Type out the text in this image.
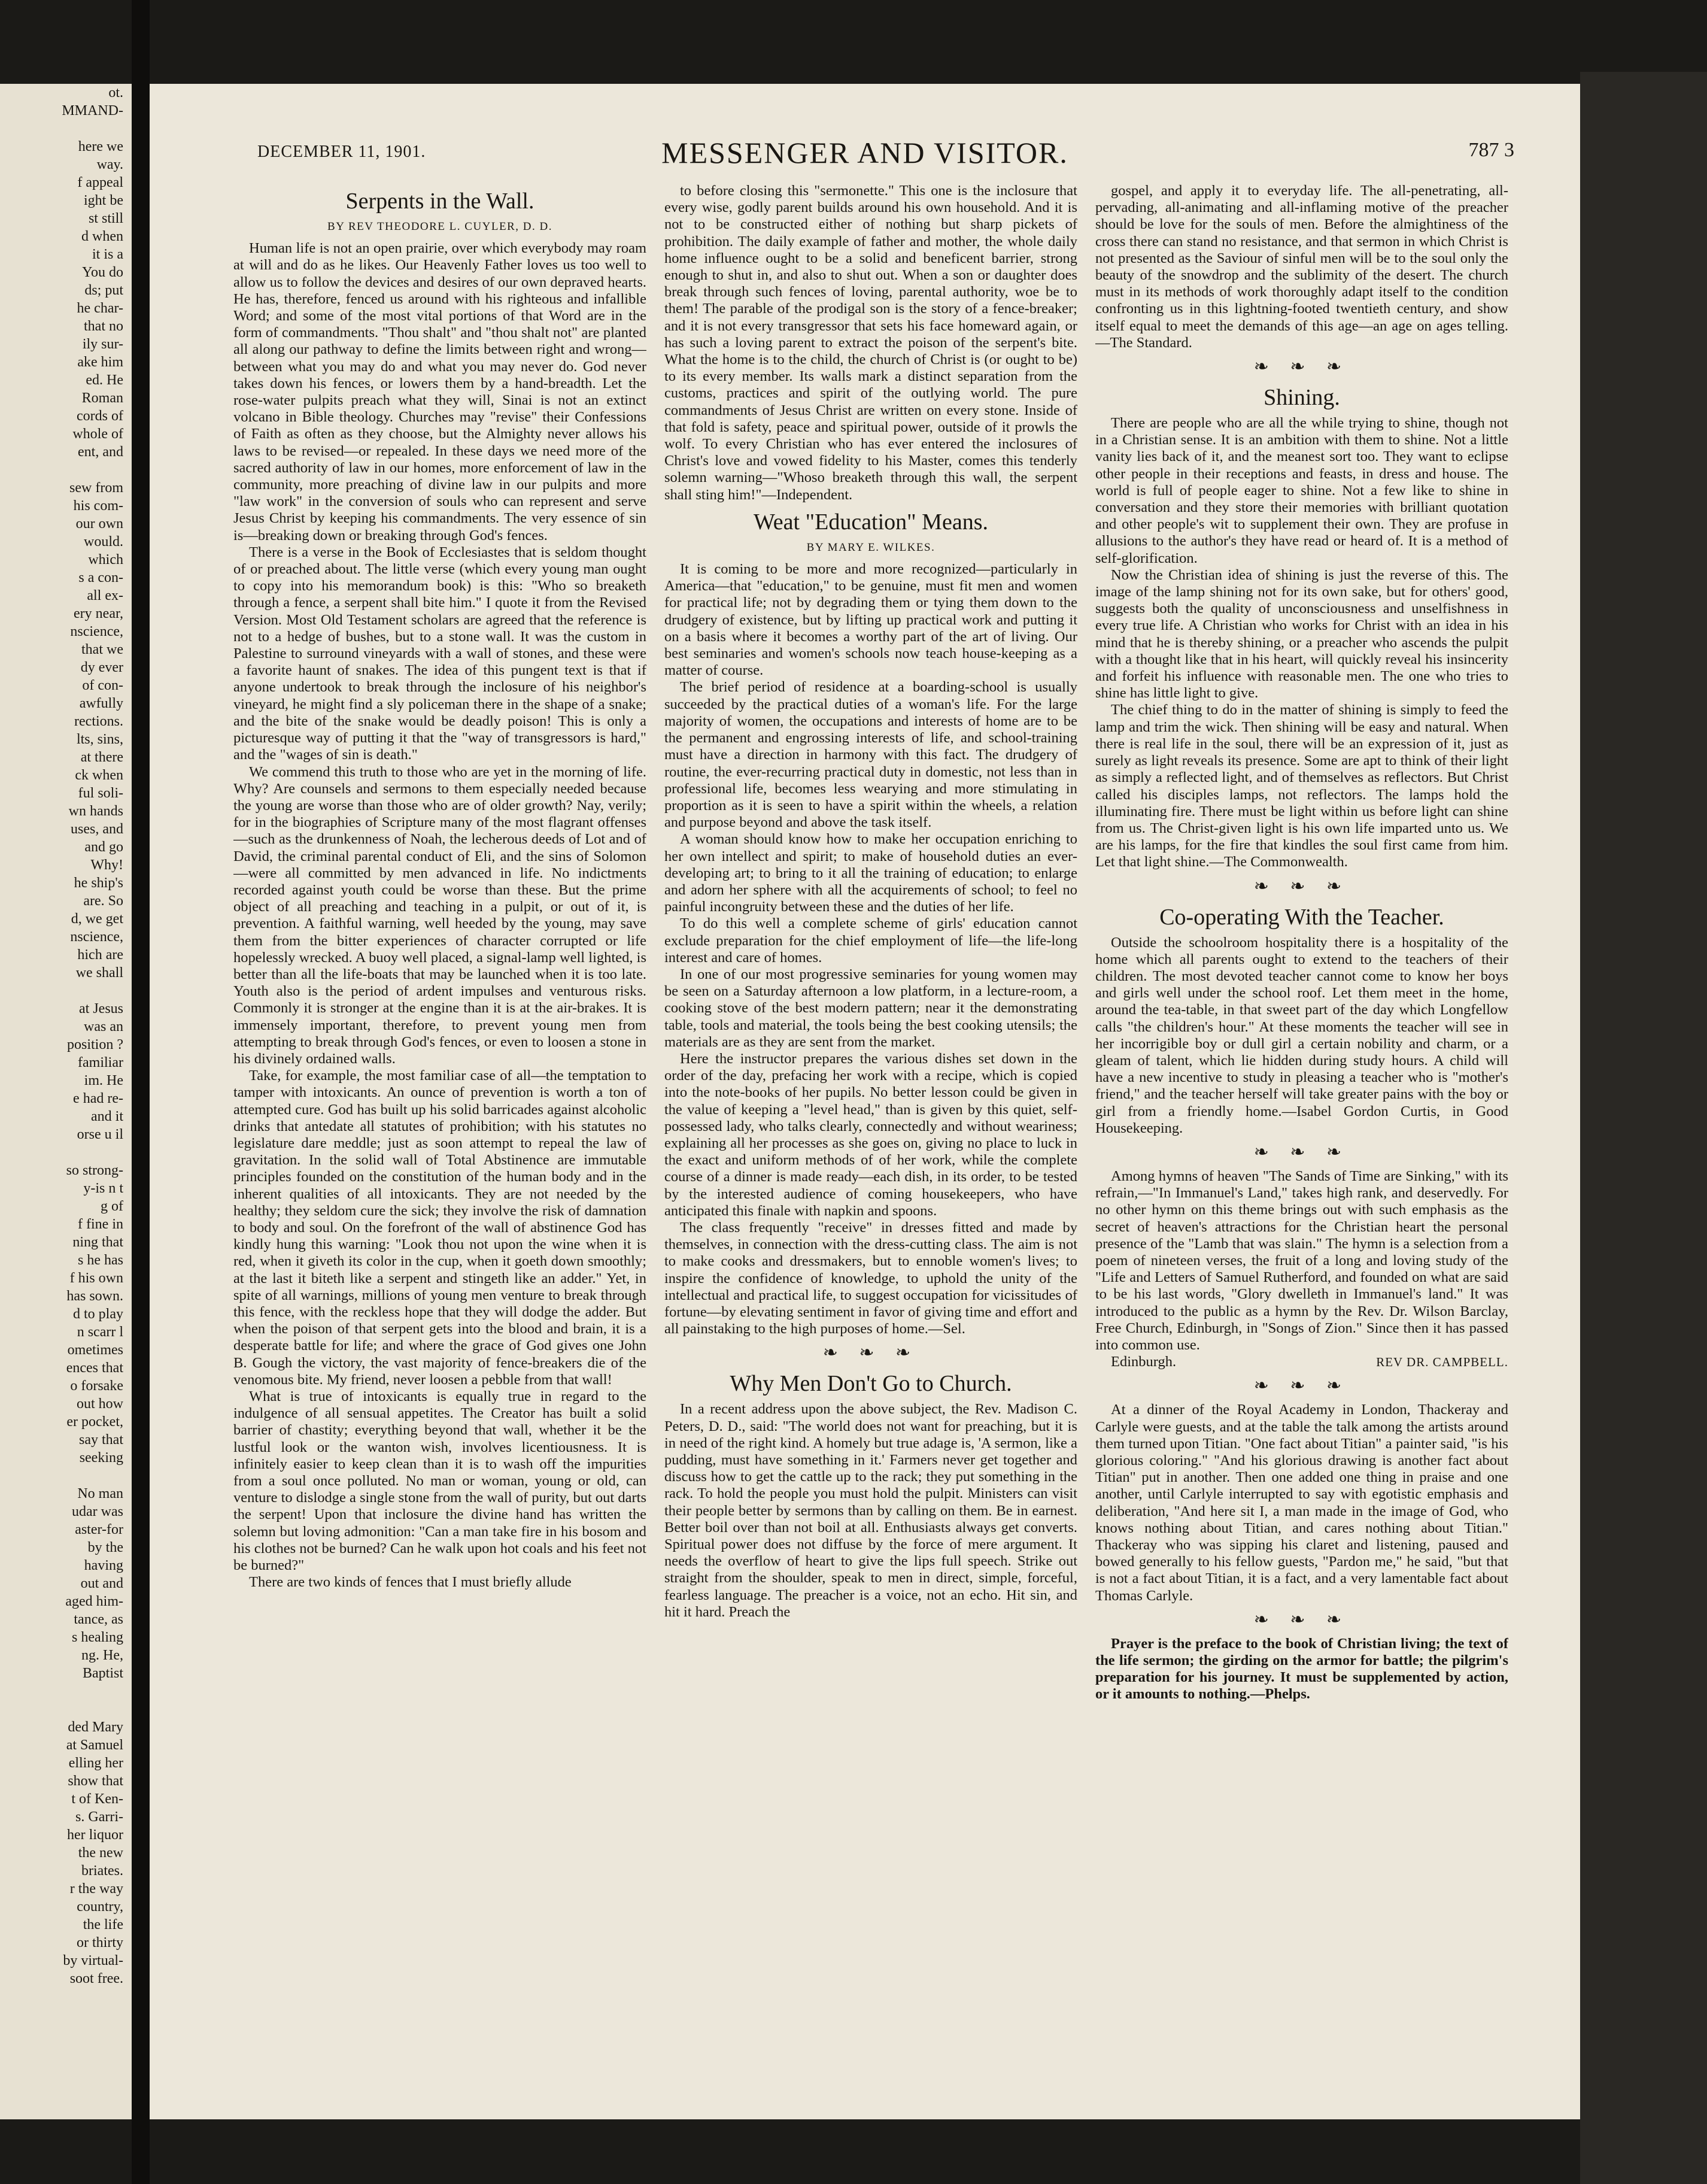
ot.
MMAND-

here we
way.
f appeal
ight be
st still
d when
it is a
You do
ds; put
he char-
that no
ily sur-
ake him
ed. He
Roman
cords of
whole of
ent, and

sew from
his com-
our own
would.
which
s a con-
all ex-
ery near,
nscience,
that we
dy ever
of con-
awfully
rections.
lts, sins,
at there
ck when
ful soli-
wn hands
uses, and
and go
Why!
he ship's
are. So
d, we get
nscience,
hich are
we shall

at Jesus
was an
position ?
familiar
im. He
e had re-
and it
orse u il

so strong-
y-is n t
g of
f fine in
ning that
s he has
f his own
has sown.
d to play
n scarr l
ometimes
ences that
o forsake
out how
er pocket,
say that
seeking

No man
udar was
aster-for
by the
having
out and
aged him-
tance, as
s healing
ng. He,
Baptist

ded Mary
at Samuel
elling her
show that
t of Ken-
s. Garri-
her liquor
the new
briates.
r the way
country,
the life
or thirty
by virtual-
soot free.
DECEMBER 11, 1901.	MESSENGER AND VISITOR.	787 3
Serpents in the Wall.
BY REV THEODORE L. CUYLER, D. D.

Human life is not an open prairie, over which everybody may roam at will and do as he likes. Our Heavenly Father loves us too well to allow us to follow the devices and desires of our own depraved hearts. He has, therefore, fenced us around with his righteous and infallible Word; and some of the most vital portions of that Word are in the form of commandments. "Thou shalt" and "thou shalt not" are planted all along our pathway to define the limits between right and wrong—between what you may do and what you may never do. God never takes down his fences, or lowers them by a hand-breadth. Let the rose-water pulpits preach what they will, Sinai is not an extinct volcano in Bible theology. Churches may "revise" their Confessions of Faith as often as they choose, but the Almighty never allows his laws to be revised—or repealed. In these days we need more of the sacred authority of law in our homes, more enforcement of law in the community, more preaching of divine law in our pulpits and more "law work" in the conversion of souls who can represent and serve Jesus Christ by keeping his commandments. The very essence of sin is—breaking down or breaking through God's fences.

There is a verse in the Book of Ecclesiastes that is seldom thought of or preached about. The little verse (which every young man ought to copy into his memorandum book) is this: "Who so breaketh through a fence, a serpent shall bite him." I quote it from the Revised Version. Most Old Testament scholars are agreed that the reference is not to a hedge of bushes, but to a stone wall. It was the custom in Palestine to surround vineyards with a wall of stones, and these were a favorite haunt of snakes. The idea of this pungent text is that if anyone undertook to break through the inclosure of his neighbor's vineyard, he might find a sly policeman there in the shape of a snake; and the bite of the snake would be deadly poison! This is only a picturesque way of putting it that the "way of transgressors is hard," and the "wages of sin is death."

We commend this truth to those who are yet in the morning of life. Why? Are counsels and sermons to them especially needed because the young are worse than those who are of older growth? Nay, verily; for in the biographies of Scripture many of the most flagrant offenses—such as the drunkenness of Noah, the lecherous deeds of Lot and of David, the criminal parental conduct of Eli, and the sins of Solomon—were all committed by men advanced in life. No indictments recorded against youth could be worse than these. But the prime object of all preaching and teaching in a pulpit, or out of it, is prevention. A faithful warning, well heeded by the young, may save them from the bitter experiences of character corrupted or life hopelessly wrecked. A buoy well placed, a signal-lamp well lighted, is better than all the life-boats that may be launched when it is too late. Youth also is the period of ardent impulses and venturous risks. Commonly it is stronger at the engine than it is at the air-brakes. It is immensely important, therefore, to prevent young men from attempting to break through God's fences, or even to loosen a stone in his divinely ordained walls.

Take, for example, the most familiar case of all—the temptation to tamper with intoxicants. An ounce of prevention is worth a ton of attempted cure. God has built up his solid barricades against alcoholic drinks that antedate all statutes of prohibition; with his statutes no legislature dare meddle; just as soon attempt to repeal the law of gravitation. In the solid wall of Total Abstinence are immutable principles founded on the constitution of the human body and in the inherent qualities of all intoxicants. They are not needed by the healthy; they seldom cure the sick; they involve the risk of damnation to body and soul. On the forefront of the wall of abstinence God has kindly hung this warning: "Look thou not upon the wine when it is red, when it giveth its color in the cup, when it goeth down smoothly; at the last it biteth like a serpent and stingeth like an adder." Yet, in spite of all warnings, millions of young men venture to break through this fence, with the reckless hope that they will dodge the adder. But when the poison of that serpent gets into the blood and brain, it is a desperate battle for life; and where the grace of God gives one John B. Gough the victory, the vast majority of fence-breakers die of the venomous bite. My friend, never loosen a pebble from that wall!

What is true of intoxicants is equally true in regard to the indulgence of all sensual appetites. The Creator has built a solid barrier of chastity; everything beyond that wall, whether it be the lustful look or the wanton wish, involves licentiousness. It is infinitely easier to keep clean than it is to wash off the impurities from a soul once polluted. No man or woman, young or old, can venture to dislodge a single stone from the wall of purity, but out darts the serpent! Upon that inclosure the divine hand has written the solemn but loving admonition: "Can a man take fire in his bosom and his clothes not be burned? Can he walk upon hot coals and his feet not be burned?"

There are two kinds of fences that I must briefly allude

to before closing this "sermonette." This one is the inclosure that every wise, godly parent builds around his own household. And it is not to be constructed either of nothing but sharp pickets of prohibition. The daily example of father and mother, the whole daily home influence ought to be a solid and beneficent barrier, strong enough to shut in, and also to shut out. When a son or daughter does break through such fences of loving, parental authority, woe be to them! The parable of the prodigal son is the story of a fence-breaker; and it is not every transgressor that sets his face homeward again, or has such a loving parent to extract the poison of the serpent's bite. What the home is to the child, the church of Christ is (or ought to be) to its every member. Its walls mark a distinct separation from the customs, practices and spirit of the outlying world. The pure commandments of Jesus Christ are written on every stone. Inside of that fold is safety, peace and spiritual power, outside of it prowls the wolf. To every Christian who has ever entered the inclosures of Christ's love and vowed fidelity to his Master, comes this tenderly solemn warning—"Whoso breaketh through this wall, the serpent shall sting him!"—Independent.

Weat "Education" Means.
BY MARY E. WILKES.

It is coming to be more and more recognized—particularly in America—that "education," to be genuine, must fit men and women for practical life; not by degrading them or tying them down to the drudgery of existence, but by lifting up practical work and putting it on a basis where it becomes a worthy part of the art of living. Our best seminaries and women's schools now teach house-keeping as a matter of course.

The brief period of residence at a boarding-school is usually succeeded by the practical duties of a woman's life. For the large majority of women, the occupations and interests of home are to be the permanent and engrossing interests of life, and school-training must have a direction in harmony with this fact. The drudgery of routine, the ever-recurring practical duty in domestic, not less than in professional life, becomes less wearying and more stimulating in proportion as it is seen to have a spirit within the wheels, a relation and purpose beyond and above the task itself.

A woman should know how to make her occupation enriching to her own intellect and spirit; to make of household duties an ever-developing art; to bring to it all the training of education; to enlarge and adorn her sphere with all the acquirements of school; to feel no painful incongruity between these and the duties of her life.

To do this well a complete scheme of girls' education cannot exclude preparation for the chief employment of life—the life-long interest and care of homes.

In one of our most progressive seminaries for young women may be seen on a Saturday afternoon a low platform, in a lecture-room, a cooking stove of the best modern pattern; near it the demonstrating table, tools and material, the tools being the best cooking utensils; the materials are as they are sent from the market.

Here the instructor prepares the various dishes set down in the order of the day, prefacing her work with a recipe, which is copied into the note-books of her pupils. No better lesson could be given in the value of keeping a "level head," than is given by this quiet, self-possessed lady, who talks clearly, connectedly and without weariness; explaining all her processes as she goes on, giving no place to luck in the exact and uniform methods of of her work, while the complete course of a dinner is made ready—each dish, in its order, to be tested by the interested audience of coming housekeepers, who have anticipated this finale with napkin and spoons.

The class frequently "receive" in dresses fitted and made by themselves, in connection with the dress-cutting class. The aim is not to make cooks and dressmakers, but to ennoble women's lives; to inspire the confidence of knowledge, to uphold the unity of the intellectual and practical life, to suggest occupation for vicissitudes of fortune—by elevating sentiment in favor of giving time and effort and all painstaking to the high purposes of home.—Sel.

❧ ❧ ❧
Why Men Don't Go to Church.

In a recent address upon the above subject, the Rev. Madison C. Peters, D. D., said: "The world does not want for preaching, but it is in need of the right kind. A homely but true adage is, 'A sermon, like a pudding, must have something in it.' Farmers never get together and discuss how to get the cattle up to the rack; they put something in the rack. To hold the people you must hold the pulpit. Ministers can visit their people better by sermons than by calling on them. Be in earnest. Better boil over than not boil at all. Enthusiasts always get converts. Spiritual power does not diffuse by the force of mere argument. It needs the overflow of heart to give the lips full speech. Strike out straight from the shoulder, speak to men in direct, simple, forceful, fearless language. The preacher is a voice, not an echo. Hit sin, and hit it hard. Preach the

gospel, and apply it to everyday life. The all-penetrating, all-pervading, all-animating and all-inflaming motive of the preacher should be love for the souls of men. Before the almightiness of the cross there can stand no resistance, and that sermon in which Christ is not presented as the Saviour of sinful men will be to the soul only the beauty of the snowdrop and the sublimity of the desert. The church must in its methods of work thoroughly adapt itself to the condition confronting us in this lightning-footed twentieth century, and show itself equal to meet the demands of this age—an age on ages telling.—The Standard.

❧ ❧ ❧
Shining.

There are people who are all the while trying to shine, though not in a Christian sense. It is an ambition with them to shine. Not a little vanity lies back of it, and the meanest sort too. They want to eclipse other people in their receptions and feasts, in dress and house. The world is full of people eager to shine. Not a few like to shine in conversation and they store their memories with brilliant quotation and other people's wit to supplement their own. They are profuse in allusions to the author's they have read or heard of. It is a method of self-glorification.

Now the Christian idea of shining is just the reverse of this. The image of the lamp shining not for its own sake, but for others' good, suggests both the quality of unconsciousness and unselfishness in every true life. A Christian who works for Christ with an idea in his mind that he is thereby shining, or a preacher who ascends the pulpit with a thought like that in his heart, will quickly reveal his insincerity and forfeit his influence with reasonable men. The one who tries to shine has little light to give.

The chief thing to do in the matter of shining is simply to feed the lamp and trim the wick. Then shining will be easy and natural. When there is real life in the soul, there will be an expression of it, just as surely as light reveals its presence. Some are apt to think of their light as simply a reflected light, and of themselves as reflectors. But Christ called his disciples lamps, not reflectors. The lamps hold the illuminating fire. There must be light within us before light can shine from us. The Christ-given light is his own life imparted unto us. We are his lamps, for the fire that kindles the soul first came from him. Let that light shine.—The Commonwealth.

❧ ❧ ❧
Co-operating With the Teacher.

Outside the schoolroom hospitality there is a hospitality of the home which all parents ought to extend to the teachers of their children. The most devoted teacher cannot come to know her boys and girls well under the school roof. Let them meet in the home, around the tea-table, in that sweet part of the day which Longfellow calls "the children's hour." At these moments the teacher will see in her incorrigible boy or dull girl a certain nobility and charm, or a gleam of talent, which lie hidden during study hours. A child will have a new incentive to study in pleasing a teacher who is "mother's friend," and the teacher herself will take greater pains with the boy or girl from a friendly home.—Isabel Gordon Curtis, in Good Housekeeping.

❧ ❧ ❧

Among hymns of heaven "The Sands of Time are Sinking," with its refrain,—"In Immanuel's Land," takes high rank, and deservedly. For no other hymn on this theme brings out with such emphasis as the secret of heaven's attractions for the Christian heart the personal presence of the "Lamb that was slain." The hymn is a selection from a poem of nineteen verses, the fruit of a long and loving study of the "Life and Letters of Samuel Rutherford, and founded on what are said to be his last words, "Glory dwelleth in Immanuel's land." It was introduced to the public as a hymn by the Rev. Dr. Wilson Barclay, Free Church, Edinburgh, in "Songs of Zion." Since then it has passed into common use.

Edinburgh.	REV DR. CAMPBELL.
❧ ❧ ❧

At a dinner of the Royal Academy in London, Thackeray and Carlyle were guests, and at the table the talk among the artists around them turned upon Titian. "One fact about Titian" a painter said, "is his glorious coloring." "And his glorious drawing is another fact about Titian" put in another. Then one added one thing in praise and one another, until Carlyle interrupted to say with egotistic emphasis and deliberation, "And here sit I, a man made in the image of God, who knows nothing about Titian, and cares nothing about Titian." Thackeray who was sipping his claret and listening, paused and bowed generally to his fellow guests, "Pardon me," he said, "but that is not a fact about Titian, it is a fact, and a very lamentable fact about Thomas Carlyle.

❧ ❧ ❧

Prayer is the preface to the book of Christian living; the text of the life sermon; the girding on the armor for battle; the pilgrim's preparation for his journey. It must be supplemented by action, or it amounts to nothing.—Phelps.
